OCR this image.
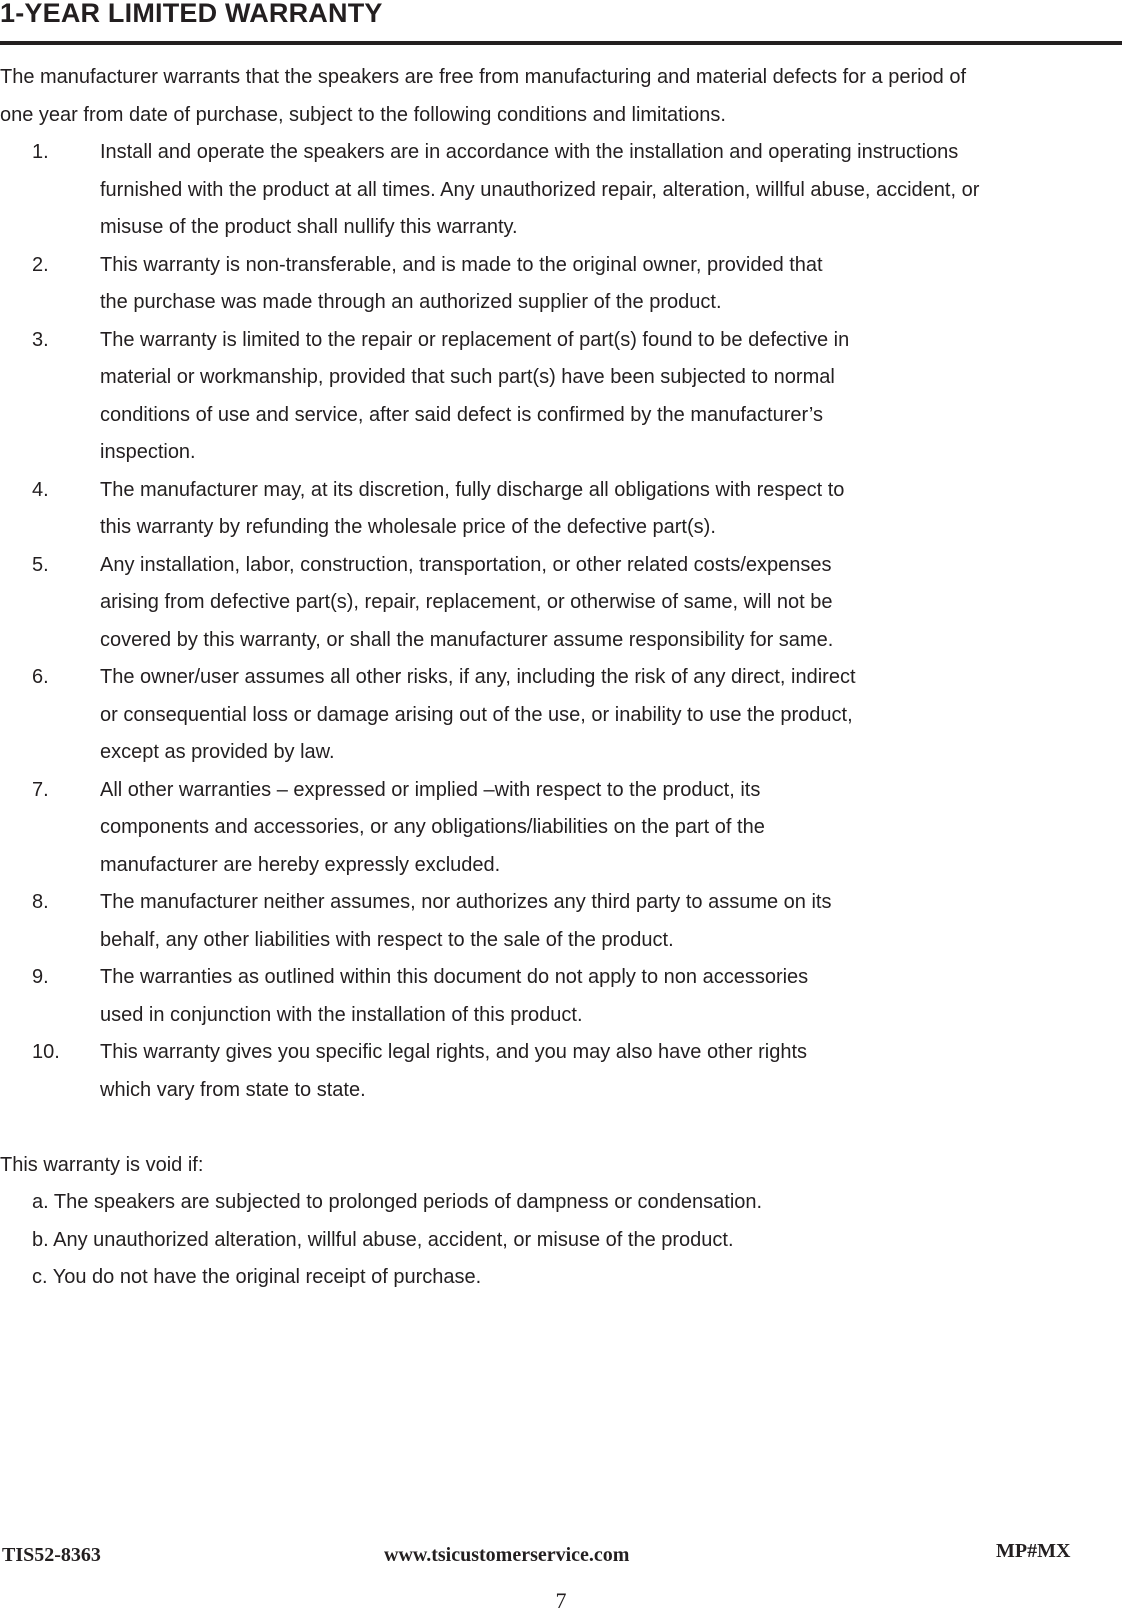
1-YEAR LIMITED WARRANTY

The manufacturer warrants that the speakers are free from manufacturing and material defects for a period of
one year from date of purchase, subject to the following conditions and limitations.

1.	Install and operate the speakers are in accordance with the installation and operating instructions
furnished with the product at all times. Any unauthorized repair, alteration, willful abuse, accident, or
misuse of the product shall nullify this warranty.
2.	This warranty is non-transferable, and is made to the original owner, provided that
the purchase was made through an authorized supplier of the product.
3.	The warranty is limited to the repair or replacement of part(s) found to be defective in
material or workmanship, provided that such part(s) have been subjected to normal
conditions of use and service, after said defect is confirmed by the manufacturer’s
inspection.
4.	The manufacturer may, at its discretion, fully discharge all obligations with respect to
this warranty by refunding the wholesale price of the defective part(s).
5.	Any installation, labor, construction, transportation, or other related costs/expenses
arising from defective part(s), repair, replacement, or otherwise of same, will not be
covered by this warranty, or shall the manufacturer assume responsibility for same.
6.	The owner/user assumes all other risks, if any, including the risk of any direct, indirect
or consequential loss or damage arising out of the use, or inability to use the product,
except as provided by law.
7.	All other warranties – expressed or implied –with respect to the product, its
components and accessories, or any obligations/liabilities on the part of the
manufacturer are hereby expressly excluded.
8.	The manufacturer neither assumes, nor authorizes any third party to assume on its
behalf, any other liabilities with respect to the sale of the product.
9.	The warranties as outlined within this document do not apply to non accessories
used in conjunction with the installation of this product.
10. This warranty gives you specific legal rights, and you may also have other rights
which vary from state to state.

This warranty is void if:

a. The speakers are subjected to prolonged periods of dampness or condensation.
b. Any unauthorized alteration, willful abuse, accident, or misuse of the product.
c. You do not have the original receipt of purchase.
TIS52-8363	www.tsicustomerservice.com	MP#MX
7
